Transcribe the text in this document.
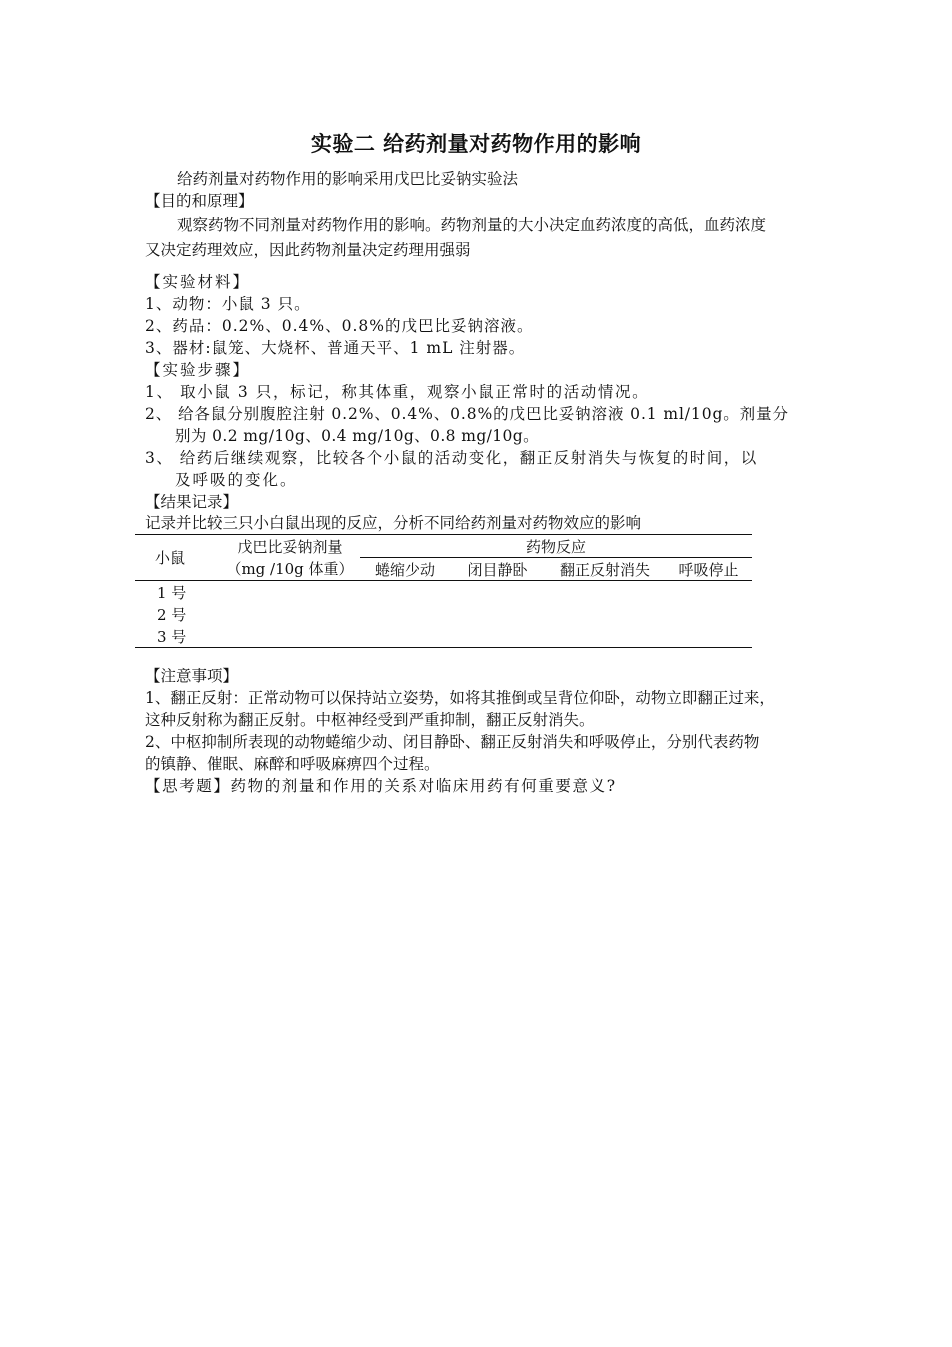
实验二 给药剂量对药物作用的影响
给药剂量对药物作用的影响采用戊巴比妥钠实验法
【目的和原理】
观察药物不同剂量对药物作用的影响。药物剂量的大小决定血药浓度的高低，血药浓度
又决定药理效应，因此药物剂量决定药理用强弱
【实验材料】
1、动物：小鼠 3 只。
2、药品：0.2%、0.4%、0.8%的戊巴比妥钠溶液。
3、器材:鼠笼、大烧杯、普通天平、1 mL 注射器。
【实验步骤】
1、 取小鼠 3 只，标记，称其体重，观察小鼠正常时的活动情况。
2、 给各鼠分别腹腔注射 0.2%、0.4%、0.8%的戊巴比妥钠溶液 0.1 ml/10g。剂量分
别为 0.2 mg/10g、0.4 mg/10g、0.8 mg/10g。
3、 给药后继续观察，比较各个小鼠的活动变化，翻正反射消失与恢复的时间，以
及呼吸的变化。
【结果记录】
记录并比较三只小白鼠出现的反应，分析不同给药剂量对药物效应的影响
小鼠	戊巴比妥钠剂量	药物反应			
	（mg /10g 体重）	蜷缩少动	闭目静卧	翻正反射消失	呼吸停止
1 号					
2 号					
3 号					
【注意事项】
1、翻正反射：正常动物可以保持站立姿势，如将其推倒或呈背位仰卧，动物立即翻正过来，
这种反射称为翻正反射。中枢神经受到严重抑制，翻正反射消失。
2、中枢抑制所表现的动物蜷缩少动、闭目静卧、翻正反射消失和呼吸停止，分别代表药物
的镇静、催眠、麻醉和呼吸麻痹四个过程。
【思考题】药物的剂量和作用的关系对临床用药有何重要意义?
